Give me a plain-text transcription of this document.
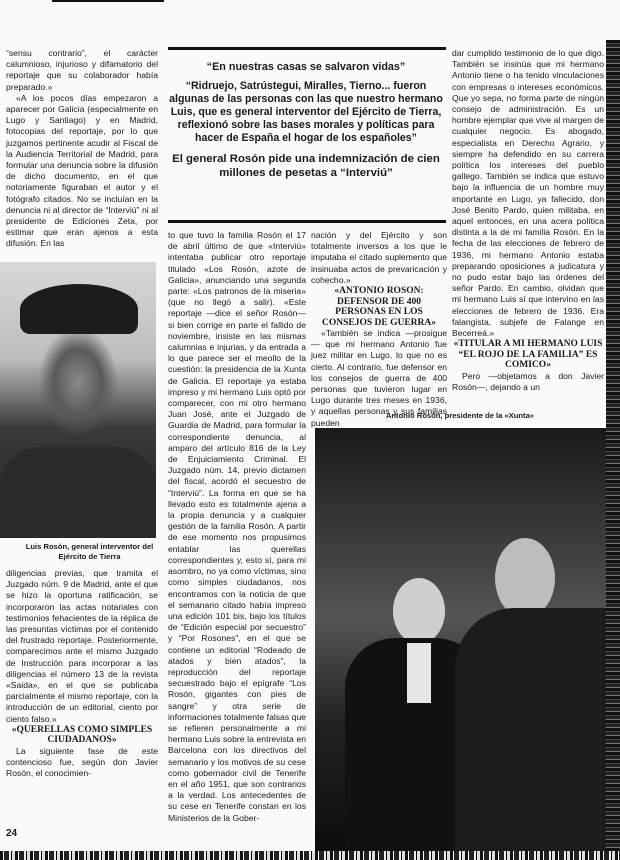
“En nuestras casas se salvaron vidas”
“Ridruejo, Satrústegui, Miralles, Tierno... fueron algunas de las personas con las que nuestro hermano Luis, que es general interventor del Ejército de Tierra, reflexionó sobre las bases morales y políticas para hacer de España el hogar de los españoles”
El general Rosón pide una indemnización de cien millones de pesetas a “Interviú”

“sensu contrario”, el carácter calumnioso, injurioso y difamatorio del reportaje que su colaborador había preparado.»

«A los pocos días empezaron a aparecer por Galicia (especialmente en Lugo y Santiago) y en Madrid, fotocopias del reportaje, por lo que juzgamos pertinente acudir al Fiscal de la Audiencia Territorial de Madrid, para formular una denuncia sobre la difusión de dicho documento, en el que notoriamente figuraban el autor y el fotógrafo citados. No se incluían en la denuncia ni al director de “Interviú” ni al presidente de Ediciones Zeta, por estimar que eran ajenos a esta difusión. En las

Luis Rosón, general interventor del Ejército de Tierra

diligencias previas, que tramita el Juzgado núm. 9 de Madrid, ante el que se hizo la oportuna ratificación, se incorporaron las actas notariales con testimonios fehacientes de la réplica de las presuntas víctimas por el contenido del frustrado reportaje. Posteriormente, comparecimos ante el mismo Juzgado de Instrucción para incorporar a las diligencias el número 13 de la revista «Saida», en el que se publicaba parcialmente el mismo reportaje, con la introducción de un editorial, ciento por ciento falso.»

«QUERELLAS COMO SIMPLES CIUDADANOS»

La siguiente fase de este contencioso fue, según don Javier Rosón, el conocimien-

24

to que tuvo la familia Rosón el 17 de abril último de que «Interviú» intentaba publicar otro reportaje titulado «Los Rosón, azote de Galicia», anunciando una segunda parte: «Los patronos de la miseria» (que no llegó a salir). «Este reportaje —dice el señor Rosón— si bien corrige en parte el fallido de noviembre, insiste en las mismas calumnias e injurias, y da entrada a lo que parece ser el meollo de la cuestión: la presidencia de la Xunta de Galicia. El reportaje ya estaba impreso y mi hermano Luis optó por comparecer, con mi otro hermano Juan José, ante el Juzgado de Guardia de Madrid, para formular la correspondiente denuncia, al amparo del artículo 816 de la Ley de Enjuiciamiento Criminal. El Juzgado núm. 14, previo dictamen del fiscal, acordó el secuestro de “Interviú”. La forma en que se ha llevado esto es totalmente ajena a la propia denuncia y a cualquier gestión de la familia Rosón. A partir de ese momento nos propusimos entablar las querellas correspondientes y, esto sí, para mi asombro, no ya como víctimas, sino como simples ciudadanos, nos encontramos con la noticia de que el semanario citado había impreso una edición 101 bis, bajo los títulos de “Edición especial por secuestro” y “Por Rosones”, en el que se contiene un editorial “Rodeado de atados y bien atados”, la reproducción del reportaje secuestrado bajo el epígrafe “Los Rosón, gigantes con pies de sangre” y otra serie de informaciones totalmente falsas que se refieren personalmente a mi hermano Luis sobre la entrevista en Barcelona con los directivos del semanario y los motivos de su cese como gobernador civil de Tenerife en el año 1951, que son contrarios a la verdad. Los antecedentes de su cese en Tenerife constan en los Ministerios de la Gober-

nación y del Ejército y son totalmente inversos a los que le imputaba el citado suplemento que insinuaba actos de prevaricación y cohecho.»

«ANTONIO ROSON: DEFENSOR DE 400 PERSONAS EN LOS CONSEJOS DE GUERRA»

«También se indica —prosigue— que mi hermano Antonio fue juez militar en Lugo, lo que no es cierto. Al contrario, fue defensor en los consejos de guerra de 400 personas que tuvieron lugar en Lugo durante tres meses en 1936, y aquellas personas y sus familias pueden

dar cumplido testimonio de lo que digo. También se insinúa que mi hermano Antonio tiene o ha tenido vinculaciones con empresas o intereses económicos. Que yo sepa, no forma parte de ningún consejo de administración. Es un hombre ejemplar que vive al margen de cualquier negocio. Es abogado, especialista en Derecho Agrario, y siempre ha defendido en su carrera política los intereses del pueblo gallego. También se indica que estuvo bajo la influencia de un hombre muy importante en Lugo, ya fallecido, don José Benito Pardo, quien militaba, en aquel entonces, en una acera política distinta a la de mi familia Rosón. En la fecha de las elecciones de febrero de 1936, mi hermano Antonio estaba preparando oposiciones a judicatura y no pudo estar bajo las órdenes del señor Pardo. En cambio, olvidan que mi hermano Luis sí que intervino en las elecciones de febrero de 1936. Era falangista, subjefe de Falange en Becerreá.»

«TITULAR A MI HERMANO LUIS “EL ROJO DE LA FAMILIA” ES COMICO»

Pero —objetamos a don Javier Rosón—, dejando a un

Antonio Rosón, presidente de la «Xunta»
